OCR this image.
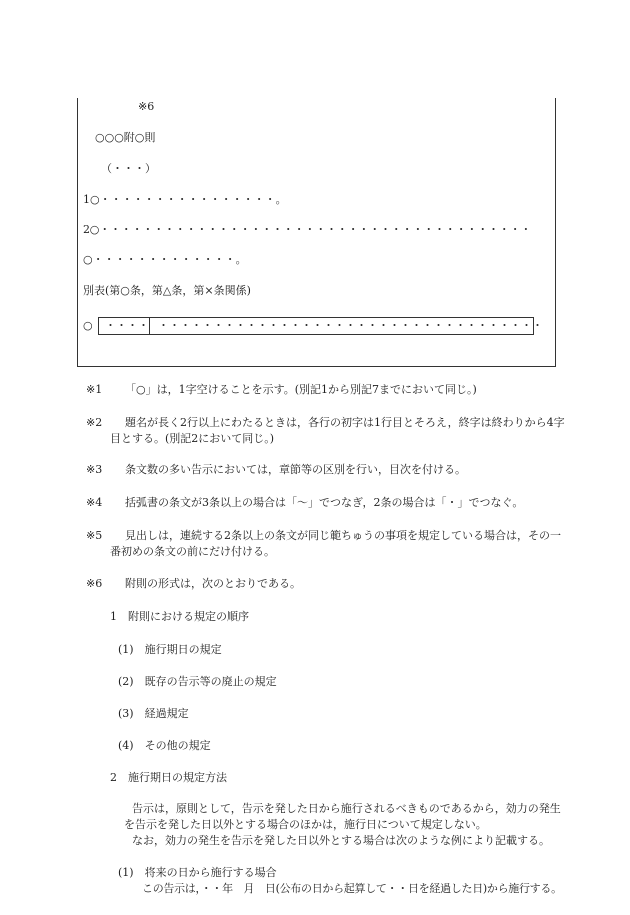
※6
○○○附○則
（・・・）
1○・・・・・・・・・・・・・・・・。
2○・・・・・・・・・・・・・・・・・・・・・・・・・・・・・・・・・・・・・・・・
○・・・・・・・・・・・・・。
別表(第○条，第△条，第×条関係)
○	・・・・ ・・・・・・・・・・・・・・・・・・・・・・・・・・・・・・・・・・・
※1 「○」は，1字空けることを示す。(別記1から別記7までにおいて同じ。)
※2 題名が長く2行以上にわたるときは，各行の初字は1行目とそろえ，終字は終わりから4字
目とする。(別記2において同じ。)
※3 条文数の多い告示においては，章節等の区別を行い，目次を付ける。
※4 括弧書の条文が3条以上の場合は「〜」でつなぎ，2条の場合は「・」でつなぐ。
※5 見出しは，連続する2条以上の条文が同じ範ちゅうの事項を規定している場合は，その一
番初めの条文の前にだけ付ける。
※6 附則の形式は，次のとおりである。
1　附則における規定の順序
(1)　施行期日の規定
(2)　既存の告示等の廃止の規定
(3)　経過規定
(4)　その他の規定
2　施行期日の規定方法
告示は，原則として，告示を発した日から施行されるべきものであるから，効力の発生
を告示を発した日以外とする場合のほかは，施行日について規定しない。
なお，効力の発生を告示を発した日以外とする場合は次のような例により記載する。
(1)　将来の日から施行する場合
この告示は，・・年　月　日(公布の日から起算して・・日を経過した日)から施行する。
